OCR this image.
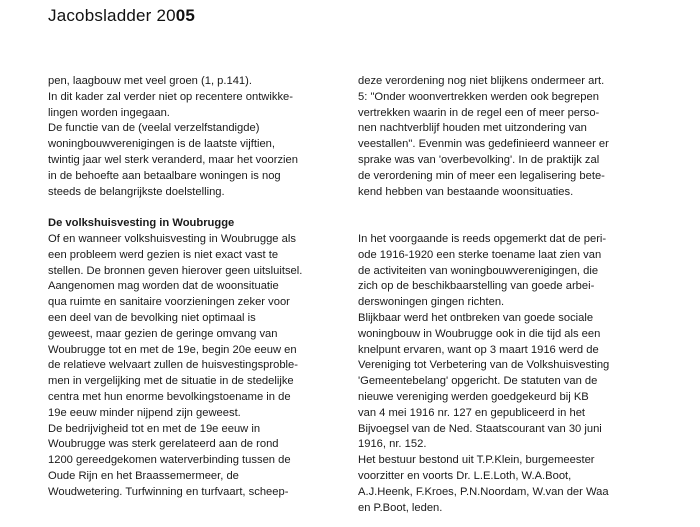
Jacobsladder 2005
pen, laagbouw met veel groen (1, p.141).
In dit kader zal verder niet op recentere ontwikke-
lingen worden ingegaan.
De functie van de (veelal verzelfstandigde)
woningbouwverenigingen is de laatste vijftien,
twintig jaar wel sterk veranderd, maar het voorzien
in de behoefte aan betaalbare woningen is nog
steeds de belangrijkste doelstelling.
De volkshuisvesting in Woubrugge
Of en wanneer volkshuisvesting in Woubrugge als
een probleem werd gezien is niet exact vast te
stellen. De bronnen geven hierover geen uitsluitsel.
Aangenomen mag worden dat de woonsituatie
qua ruimte en sanitaire voorzieningen zeker voor
een deel van de bevolking niet optimaal is
geweest, maar gezien de geringe omvang van
Woubrugge tot en met de 19e, begin 20e eeuw en
de relatieve welvaart zullen de huisvestingsproble-
men in vergelijking met de situatie in de stedelijke
centra met hun enorme bevolkingstoename in de
19e eeuw minder nijpend zijn geweest.
De bedrijvigheid tot en met de 19e eeuw in
Woubrugge was sterk gerelateerd aan de rond
1200 gereedgekomen waterverbinding tussen de
Oude Rijn en het Braassemermeer, de
Woudwetering. Turfwinning en turfvaart, scheep-
deze verordening nog niet blijkens ondermeer art.
5: "Onder woonvertrekken werden ook begrepen
vertrekken waarin in de regel een of meer perso-
nen nachtverblijf houden met uitzondering van
veestallen". Evenmin was gedefinieerd wanneer er
sprake was van 'overbevolking'. In de praktijk zal
de verordening min of meer een legalisering bete-
kend hebben van bestaande woonsituaties.
In het voorgaande is reeds opgemerkt dat de peri-
ode 1916-1920 een sterke toename laat zien van
de activiteiten van woningbouwverenigingen, die
zich op de beschikbaarstelling van goede arbei-
derswoningen gingen richten.
Blijkbaar werd het ontbreken van goede sociale
woningbouw in Woubrugge ook in die tijd als een
knelpunt ervaren, want op 3 maart 1916 werd de
Vereniging tot Verbetering van de Volkshuisvesting
'Gemeentebelang' opgericht. De statuten van de
nieuwe vereniging werden goedgekeurd bij KB
van 4 mei 1916 nr. 127 en gepubliceerd in het
Bijvoegsel van de Ned. Staatscourant van 30 juni
1916, nr. 152.
Het bestuur bestond uit T.P.Klein, burgemeester
voorzitter en voorts Dr. L.E.Loth, W.A.Boot,
A.J.Heenk, F.Kroes, P.N.Noordam, W.van der Waa
en P.Boot, leden.
